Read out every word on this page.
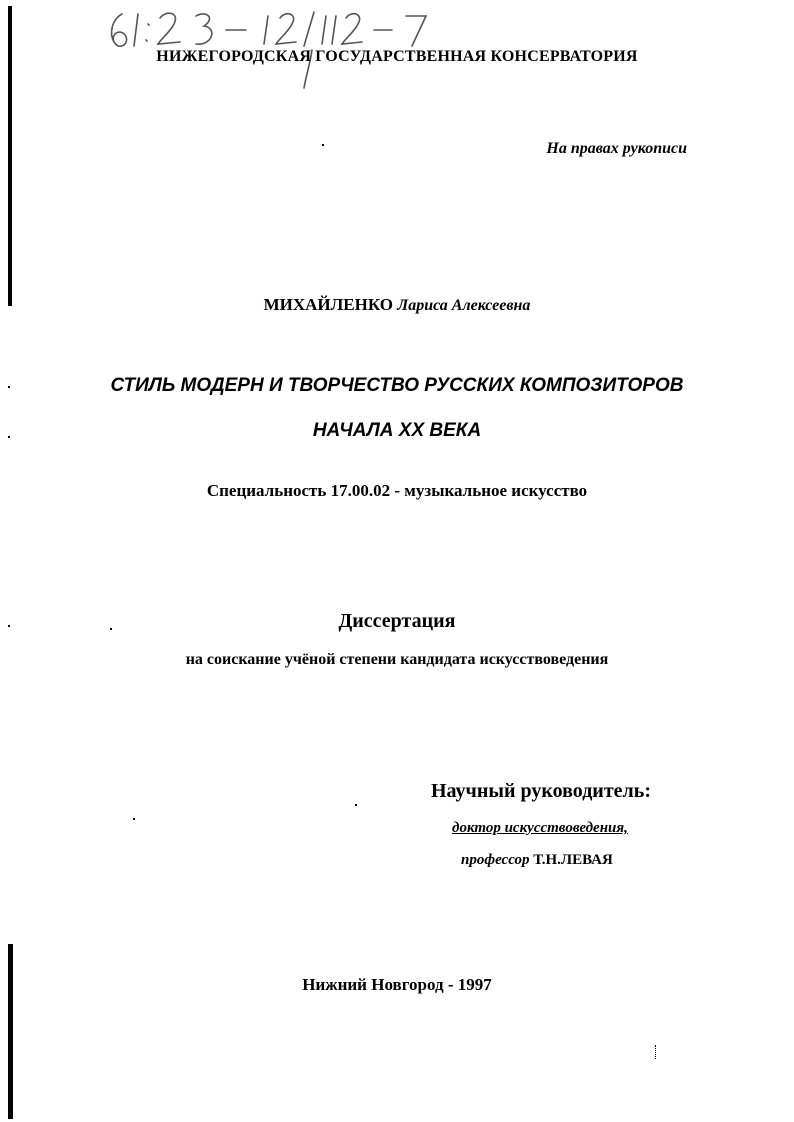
НИЖЕГОРОДСКАЯ ГОСУДАРСТВЕННАЯ КОНСЕРВАТОРИЯ
На правах рукописи
МИХАЙЛЕНКО Лариса Алексеевна
СТИЛЬ МОДЕРН И ТВОРЧЕСТВО РУССКИХ КОМПОЗИТОРОВ
НАЧАЛА XX ВЕКА
Специальность 17.00.02 - музыкальное искусство
Диссертация
на соискание учёной степени кандидата искусствоведения
Научный руководитель:
доктор искусствоведения,
профессор Т.Н.ЛЕВАЯ
Нижний Новгород - 1997
